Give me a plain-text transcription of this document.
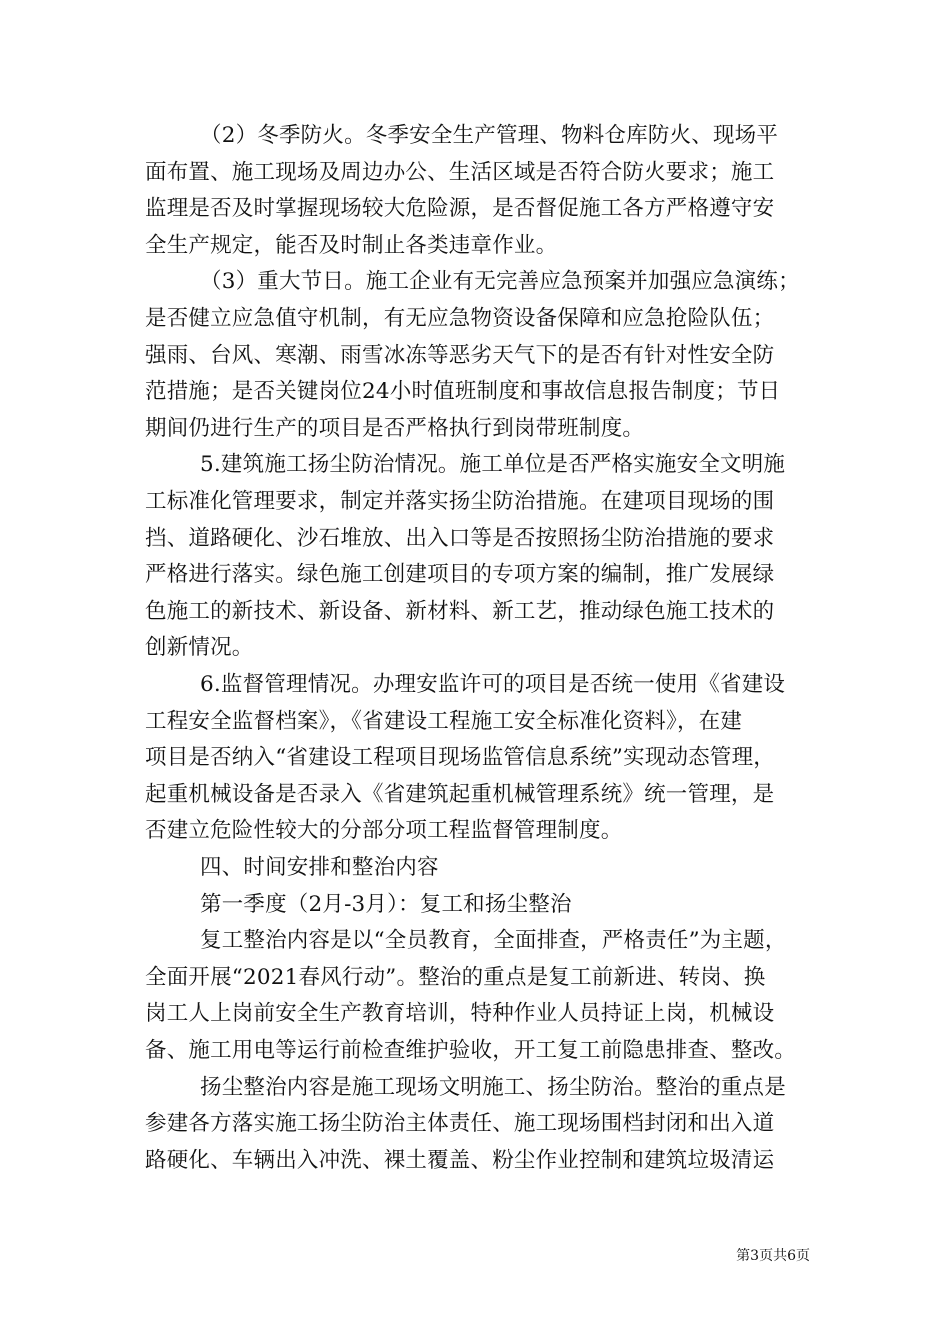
（2）冬季防火。冬季安全生产管理、物料仓库防火、现场平
面布置、施工现场及周边办公、生活区域是否符合防火要求；施工
监理是否及时掌握现场较大危险源，是否督促施工各方严格遵守安
全生产规定，能否及时制止各类违章作业。
（3）重大节日。施工企业有无完善应急预案并加强应急演练；
是否健立应急值守机制，有无应急物资设备保障和应急抢险队伍；
强雨、台风、寒潮、雨雪冰冻等恶劣天气下的是否有针对性安全防
范措施；是否关键岗位24小时值班制度和事故信息报告制度；节日
期间仍进行生产的项目是否严格执行到岗带班制度。
5.建筑施工扬尘防治情况。施工单位是否严格实施安全文明施
工标准化管理要求，制定并落实扬尘防治措施。在建项目现场的围
挡、道路硬化、沙石堆放、出入口等是否按照扬尘防治措施的要求
严格进行落实。绿色施工创建项目的专项方案的编制，推广发展绿
色施工的新技术、新设备、新材料、新工艺，推动绿色施工技术的
创新情况。
6.监督管理情况。办理安监许可的项目是否统一使用《省建设
工程安全监督档案》，《省建设工程施工安全标准化资料》，在建
项目是否纳入“省建设工程项目现场监管信息系统”实现动态管理，
起重机械设备是否录入《省建筑起重机械管理系统》统一管理，是
否建立危险性较大的分部分项工程监督管理制度。
四、时间安排和整治内容
第一季度（2月-3月）：复工和扬尘整治
复工整治内容是以“全员教育，全面排查，严格责任”为主题，
全面开展“2021春风行动”。整治的重点是复工前新进、转岗、换
岗工人上岗前安全生产教育培训，特种作业人员持证上岗，机械设
备、施工用电等运行前检查维护验收，开工复工前隐患排查、整改。
扬尘整治内容是施工现场文明施工、扬尘防治。整治的重点是
参建各方落实施工扬尘防治主体责任、施工现场围档封闭和出入道
路硬化、车辆出入冲洗、裸土覆盖、粉尘作业控制和建筑垃圾清运
第3页共6页
